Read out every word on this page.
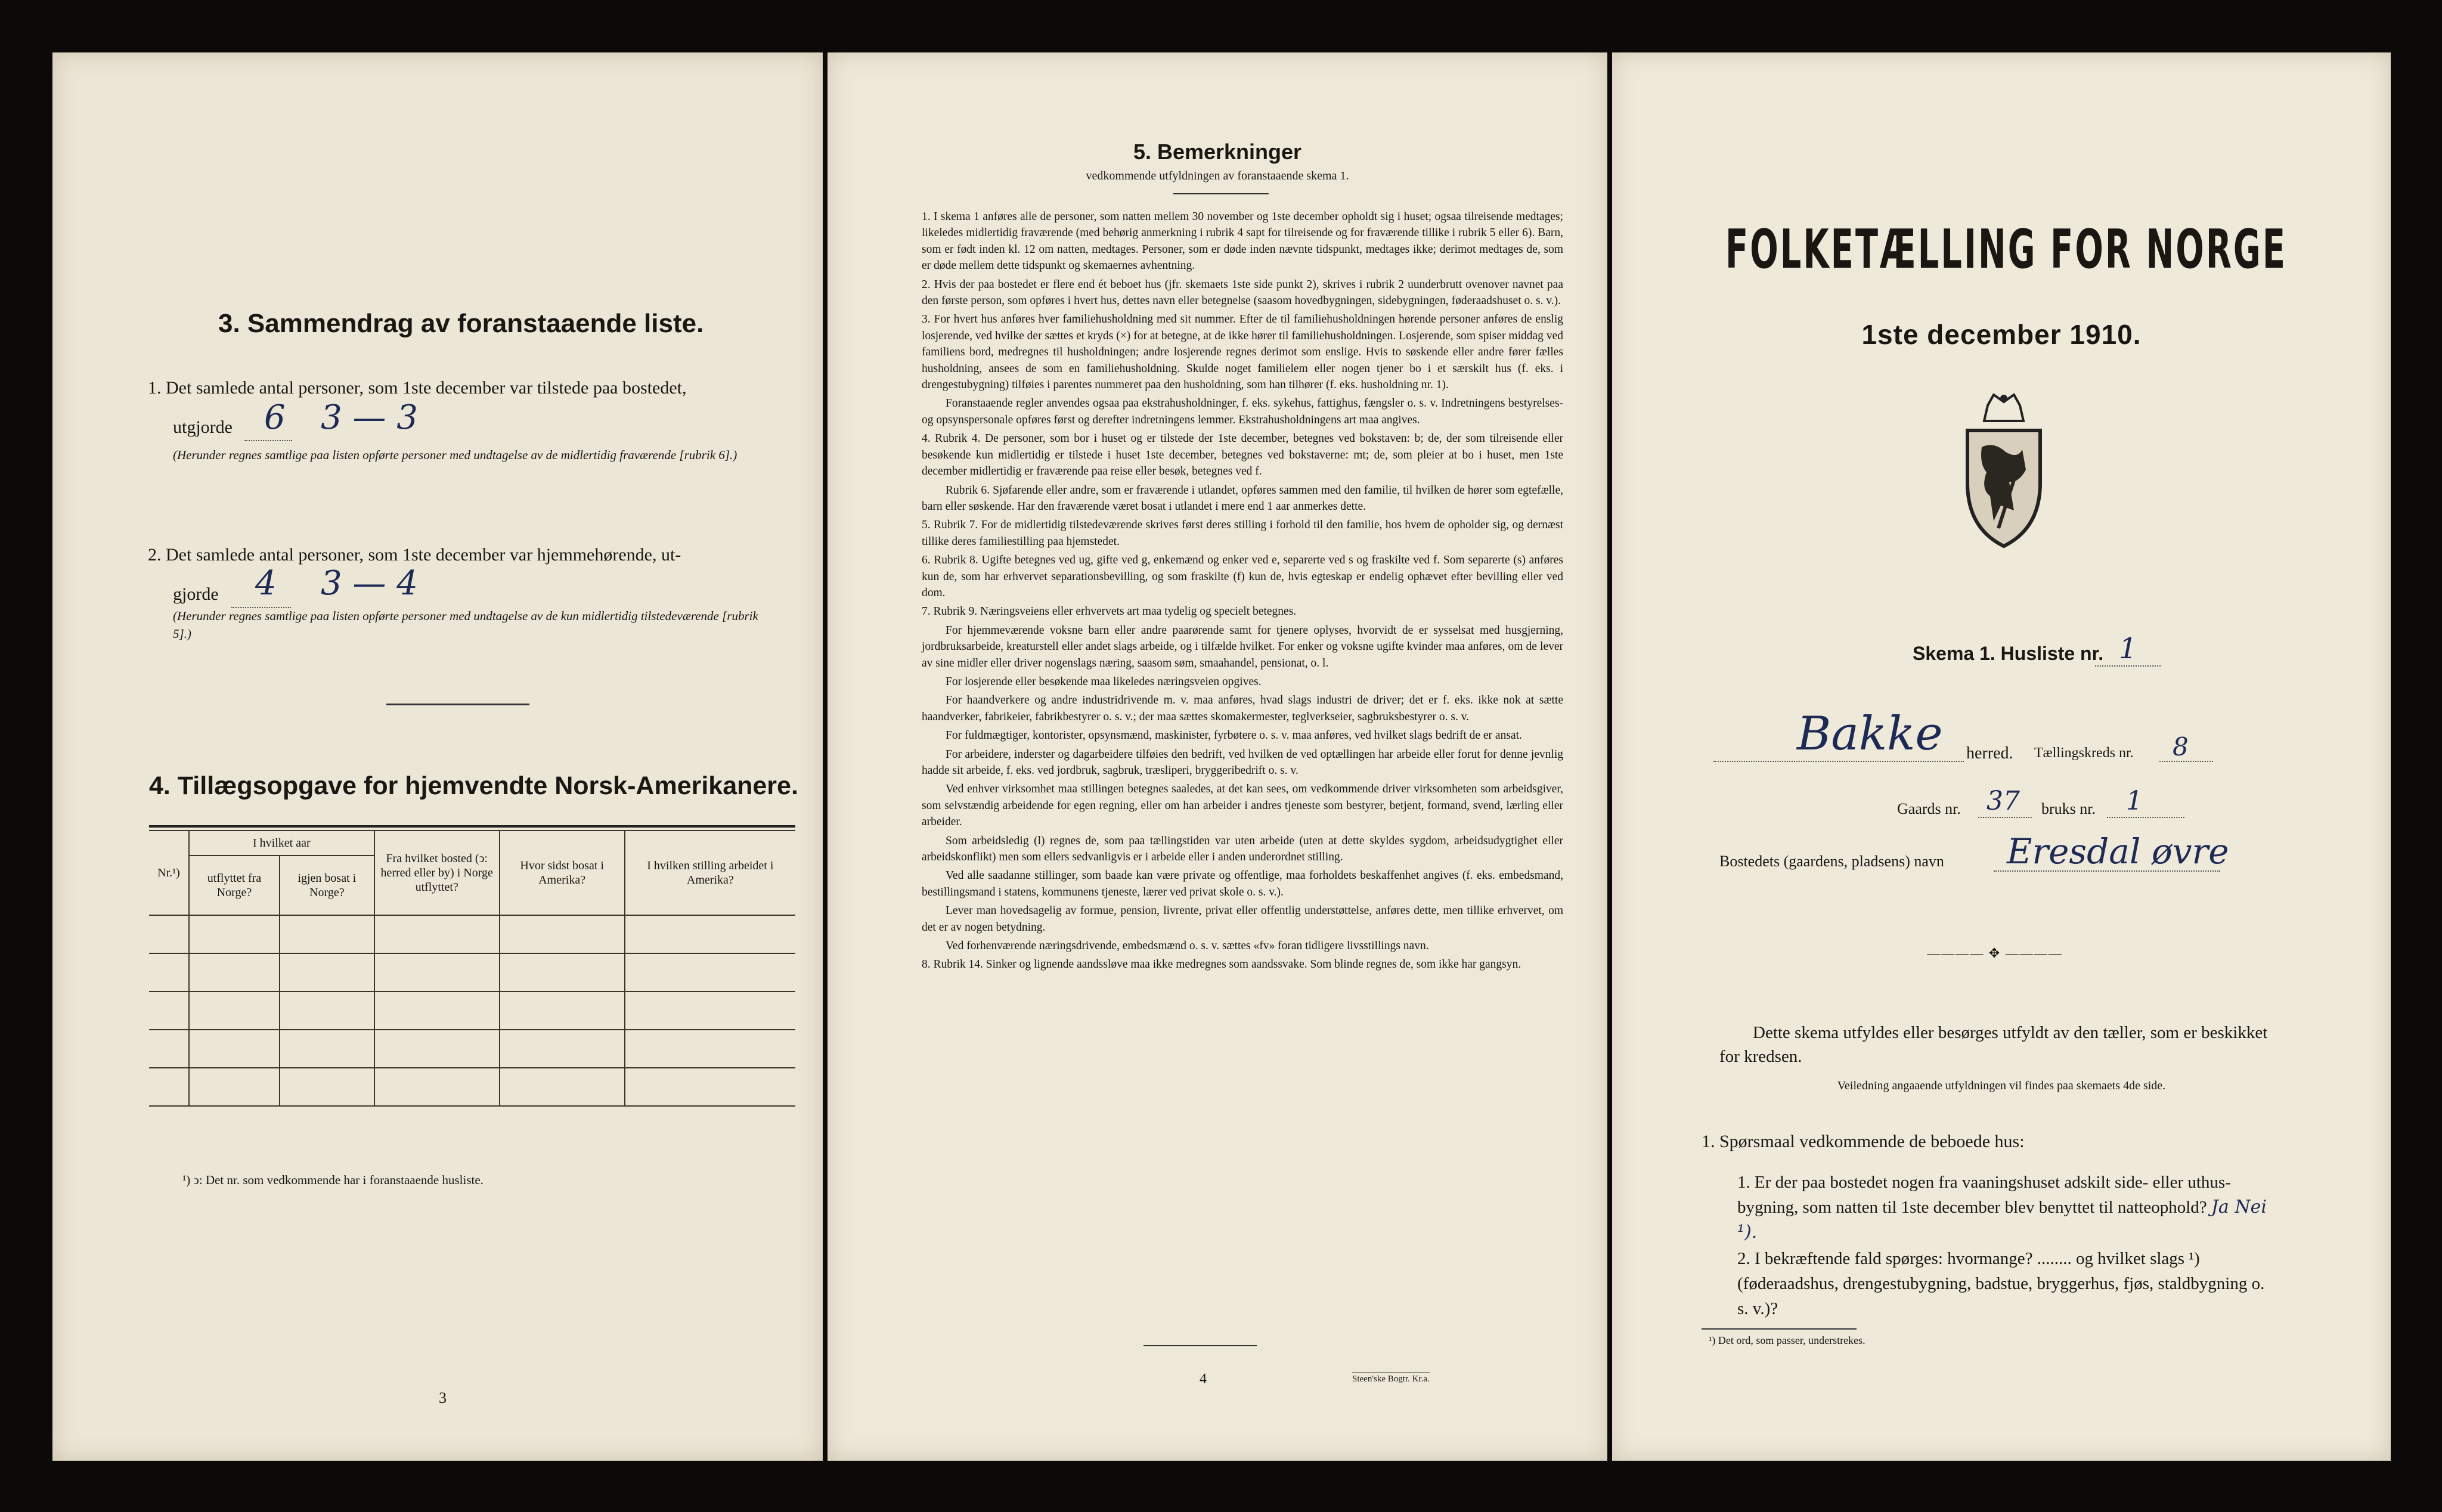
3. Sammendrag av foranstaaende liste.
1. Det samlede antal personer, som 1ste december var tilstede paa bostedet,
utgjorde 6 3 — 3
(Herunder regnes samtlige paa listen opførte personer med undtagelse av de midlertidig fraværende [rubrik 6].)
2. Det samlede antal personer, som 1ste december var hjemmehørende, ut-
gjorde 4 3 — 4
(Herunder regnes samtlige paa listen opførte personer med undtagelse av de kun midlertidig tilstedeværende [rubrik 5].)
4. Tillægsopgave for hjemvendte Norsk-Amerikanere.
Nr.¹)	I hvilket aar		Fra hvilket bosted (ↄ: herred eller by) i Norge utflyttet?	Hvor sidst bosat i Amerika?	I hvilken stilling arbeidet i Amerika?
	utflyttet fra Norge?	igjen bosat i Norge?			

¹) ↄ: Det nr. som vedkommende har i foranstaaende husliste.
3
5. Bemerkninger
vedkommende utfyldningen av foranstaaende skema 1.

1. I skema 1 anføres alle de personer, som natten mellem 30 november og 1ste december opholdt sig i huset; ogsaa tilreisende medtages; likeledes midlertidig fraværende (med behørig anmerkning i rubrik 4 sapt for tilreisende og for fraværende tillike i rubrik 5 eller 6). Barn, som er født inden kl. 12 om natten, medtages. Personer, som er døde inden nævnte tidspunkt, medtages ikke; derimot medtages de, som er døde mellem dette tidspunkt og skemaernes avhentning.

2. Hvis der paa bostedet er flere end ét beboet hus (jfr. skemaets 1ste side punkt 2), skrives i rubrik 2 uunderbrutt ovenover navnet paa den første person, som opføres i hvert hus, dettes navn eller betegnelse (saasom hovedbygningen, sidebygningen, føderaadshuset o. s. v.).

3. For hvert hus anføres hver familiehusholdning med sit nummer. Efter de til familiehusholdningen hørende personer anføres de enslig losjerende, ved hvilke der sættes et kryds (×) for at betegne, at de ikke hører til familiehusholdningen. Losjerende, som spiser middag ved familiens bord, medregnes til husholdningen; andre losjerende regnes derimot som enslige. Hvis to søskende eller andre fører fælles husholdning, ansees de som en familiehusholdning. Skulde noget familielem eller nogen tjener bo i et særskilt hus (f. eks. i drengestubygning) tilføies i parentes nummeret paa den husholdning, som han tilhører (f. eks. husholdning nr. 1).

Foranstaaende regler anvendes ogsaa paa ekstrahusholdninger, f. eks. sykehus, fattighus, fængsler o. s. v. Indretningens bestyrelses- og opsynspersonale opføres først og derefter indretningens lemmer. Ekstrahusholdningens art maa angives.

4. Rubrik 4. De personer, som bor i huset og er tilstede der 1ste december, betegnes ved bokstaven: b; de, der som tilreisende eller besøkende kun midlertidig er tilstede i huset 1ste december, betegnes ved bokstaverne: mt; de, som pleier at bo i huset, men 1ste december midlertidig er fraværende paa reise eller besøk, betegnes ved f.

Rubrik 6. Sjøfarende eller andre, som er fraværende i utlandet, opføres sammen med den familie, til hvilken de hører som egtefælle, barn eller søskende. Har den fraværende været bosat i utlandet i mere end 1 aar anmerkes dette.

5. Rubrik 7. For de midlertidig tilstedeværende skrives først deres stilling i forhold til den familie, hos hvem de opholder sig, og dernæst tillike deres familiestilling paa hjemstedet.

6. Rubrik 8. Ugifte betegnes ved ug, gifte ved g, enkemænd og enker ved e, separerte ved s og fraskilte ved f. Som separerte (s) anføres kun de, som har erhvervet separationsbevilling, og som fraskilte (f) kun de, hvis egteskap er endelig ophævet efter bevilling eller ved dom.

7. Rubrik 9. Næringsveiens eller erhvervets art maa tydelig og specielt betegnes.

For hjemmeværende voksne barn eller andre paarørende samt for tjenere oplyses, hvorvidt de er sysselsat med husgjerning, jordbruksarbeide, kreaturstell eller andet slags arbeide, og i tilfælde hvilket. For enker og voksne ugifte kvinder maa anføres, om de lever av sine midler eller driver nogenslags næring, saasom søm, smaahandel, pensionat, o. l.

For losjerende eller besøkende maa likeledes næringsveien opgives.

For haandverkere og andre industridrivende m. v. maa anføres, hvad slags industri de driver; det er f. eks. ikke nok at sætte haandverker, fabrikeier, fabrikbestyrer o. s. v.; der maa sættes skomakermester, teglverkseier, sagbruksbestyrer o. s. v.

For fuldmægtiger, kontorister, opsynsmænd, maskinister, fyrbøtere o. s. v. maa anføres, ved hvilket slags bedrift de er ansat.

For arbeidere, inderster og dagarbeidere tilføies den bedrift, ved hvilken de ved optællingen har arbeide eller forut for denne jevnlig hadde sit arbeide, f. eks. ved jordbruk, sagbruk, træsliperi, bryggeribedrift o. s. v.

Ved enhver virksomhet maa stillingen betegnes saaledes, at det kan sees, om vedkommende driver virksomheten som arbeidsgiver, som selvstændig arbeidende for egen regning, eller om han arbeider i andres tjeneste som bestyrer, betjent, formand, svend, lærling eller arbeider.

Som arbeidsledig (l) regnes de, som paa tællingstiden var uten arbeide (uten at dette skyldes sygdom, arbeidsudygtighet eller arbeidskonflikt) men som ellers sedvanligvis er i arbeide eller i anden underordnet stilling.

Ved alle saadanne stillinger, som baade kan være private og offentlige, maa forholdets beskaffenhet angives (f. eks. embedsmand, bestillingsmand i statens, kommunens tjeneste, lærer ved privat skole o. s. v.).

Lever man hovedsagelig av formue, pension, livrente, privat eller offentlig understøttelse, anføres dette, men tillike erhvervet, om det er av nogen betydning.

Ved forhenværende næringsdrivende, embedsmænd o. s. v. sættes «fv» foran tidligere livsstillings navn.

8. Rubrik 14. Sinker og lignende aandssløve maa ikke medregnes som aandssvake. Som blinde regnes de, som ikke har gangsyn.

4	Steen'ske Bogtr. Kr.a.
FOLKETÆLLING FOR NORGE
1ste december 1910.
Skema 1. Husliste nr. 1
Bakke herred. Tællingskreds nr. 8
Gaards nr. 37 bruks nr. 1
Bostedets (gaardens, pladsens) navn Eresdal øvre
———— ✥ ————
Dette skema utfyldes eller besørges utfyldt av den tæller, som er beskikket for kredsen.
Veiledning angaaende utfyldningen vil findes paa skemaets 4de side.
1. Spørsmaal vedkommende de beboede hus:
1. Er der paa bostedet nogen fra vaaningshuset adskilt side- eller uthus-bygning, som natten til 1ste december blev benyttet til natteophold? Ja Nei ¹).
2. I bekræftende fald spørges: hvormange? ........ og hvilket slags ¹) (føderaadshus, drengestubygning, badstue, bryggerhus, fjøs, staldbygning o. s. v.)?
¹) Det ord, som passer, understrekes.
